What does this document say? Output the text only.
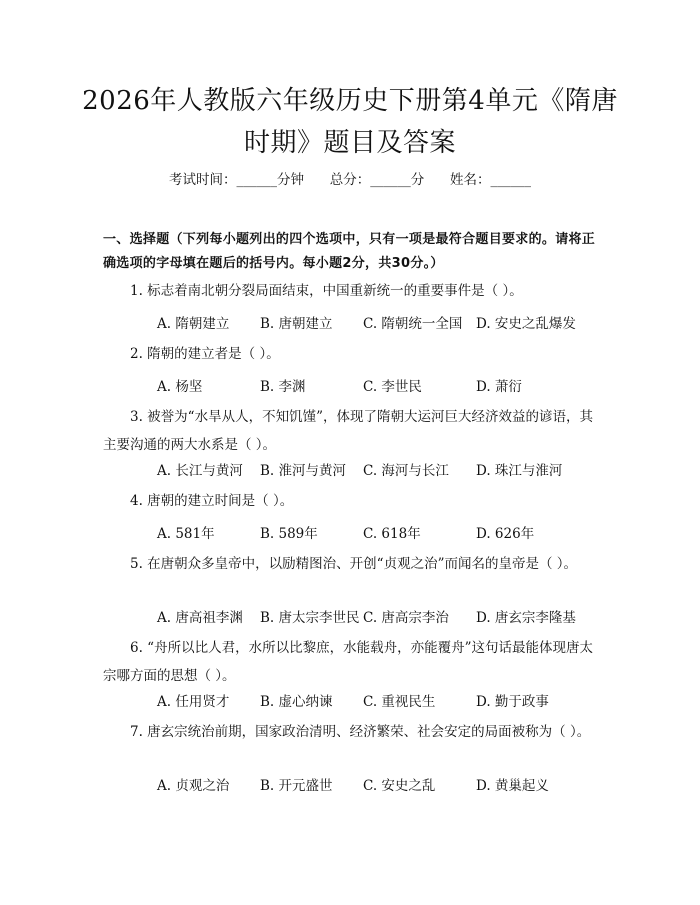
2026年人教版六年级历史下册第4单元《隋唐时期》题目及答案
考试时间：______分钟      总分：______分      姓名：______
一、选择题（下列每小题列出的四个选项中，只有一项是最符合题目要求的。请将正确选项的字母填在题后的括号内。每小题2分，共30分。）
1. 标志着南北朝分裂局面结束，中国重新统一的重要事件是（ ）。
A. 隋朝建立	B. 唐朝建立	C. 隋朝统一全国	D. 安史之乱爆发
2. 隋朝的建立者是（ ）。
A. 杨坚	B. 李渊	C. 李世民	D. 萧衍
3. 被誉为“水旱从人，不知饥馑”，体现了隋朝大运河巨大经济效益的谚语，其主要沟通的两大水系是（ ）。
A. 长江与黄河	B. 淮河与黄河	C. 海河与长江	D. 珠江与淮河
4. 唐朝的建立时间是（ ）。
A. 581年	B. 589年	C. 618年	D. 626年
5. 在唐朝众多皇帝中，以励精图治、开创“贞观之治”而闻名的皇帝是（ ）。
A. 唐高祖李渊	B. 唐太宗李世民 C. 唐高宗李治	D. 唐玄宗李隆基
6. “舟所以比人君，水所以比黎庶，水能载舟，亦能覆舟”这句话最能体现唐太宗哪方面的思想（ ）。
A. 任用贤才	B. 虚心纳谏	C. 重视民生	D. 勤于政事
7. 唐玄宗统治前期，国家政治清明、经济繁荣、社会安定的局面被称为（ ）。
A. 贞观之治	B. 开元盛世	C. 安史之乱	D. 黄巢起义
